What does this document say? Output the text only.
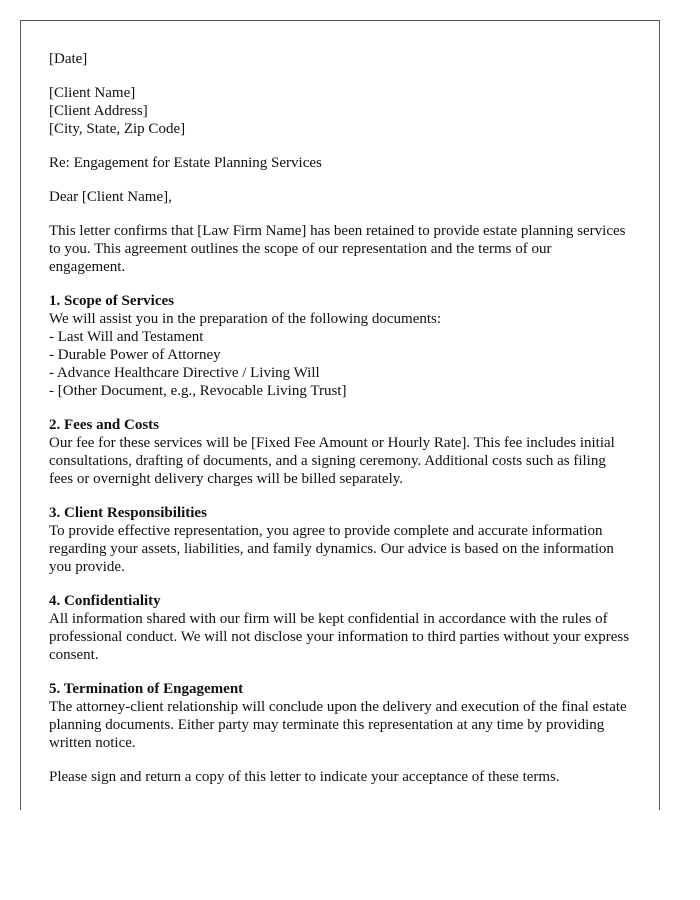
[Date]
[Client Name]
[Client Address]
[City, State, Zip Code]

Re: Engagement for Estate Planning Services

Dear [Client Name],

This letter confirms that [Law Firm Name] has been retained to provide estate planning services to you. This agreement outlines the scope of our representation and the terms of our engagement.

1. Scope of Services
We will assist you in the preparation of the following documents:
- Last Will and Testament
- Durable Power of Attorney
- Advance Healthcare Directive / Living Will
- [Other Document, e.g., Revocable Living Trust]
2. Fees and Costs
Our fee for these services will be [Fixed Fee Amount or Hourly Rate]. This fee includes initial consultations, drafting of documents, and a signing ceremony. Additional costs such as filing fees or overnight delivery charges will be billed separately.
3. Client Responsibilities
To provide effective representation, you agree to provide complete and accurate information regarding your assets, liabilities, and family dynamics. Our advice is based on the information you provide.
4. Confidentiality
All information shared with our firm will be kept confidential in accordance with the rules of professional conduct. We will not disclose your information to third parties without your express consent.
5. Termination of Engagement
The attorney-client relationship will conclude upon the delivery and execution of the final estate planning documents. Either party may terminate this representation at any time by providing written notice.

Please sign and return a copy of this letter to indicate your acceptance of these terms.
